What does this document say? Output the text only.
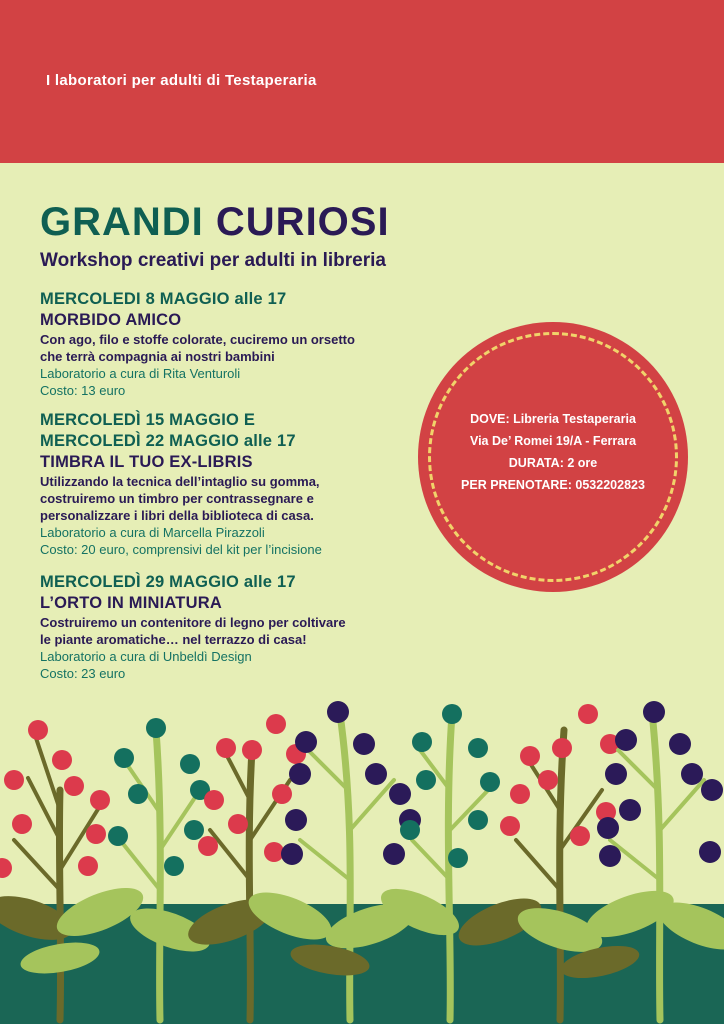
I laboratori per adulti di Testaperaria
GRANDI CURIOSI
Workshop creativi per adulti in libreria
MERCOLEDI 8 MAGGIO alle 17
MORBIDO AMICO
Con ago, filo e stoffe colorate, cuciremo un orsetto
che terrà compagnia ai nostri bambini
Laboratorio a cura di Rita Venturoli
Costo: 13 euro
MERCOLEDÌ 15 MAGGIO E
MERCOLEDÌ 22 MAGGIO alle 17
TIMBRA IL TUO EX-LIBRIS
Utilizzando la tecnica dell’intaglio su gomma,
costruiremo un timbro per contrassegnare e
personalizzare i libri della biblioteca di casa.
Laboratorio a cura di Marcella Pirazzoli
Costo: 20 euro, comprensivi del kit per l’incisione
MERCOLEDÌ 29 MAGGIO alle 17
L’ORTO IN MINIATURA
Costruiremo un contenitore di legno per coltivare
le piante aromatiche… nel terrazzo di casa!
Laboratorio a cura di Unbeldì Design
Costo: 23 euro
DOVE: Libreria Testaperaria
Via De’ Romei 19/A - Ferrara
DURATA: 2 ore
PER PRENOTARE: 0532202823
